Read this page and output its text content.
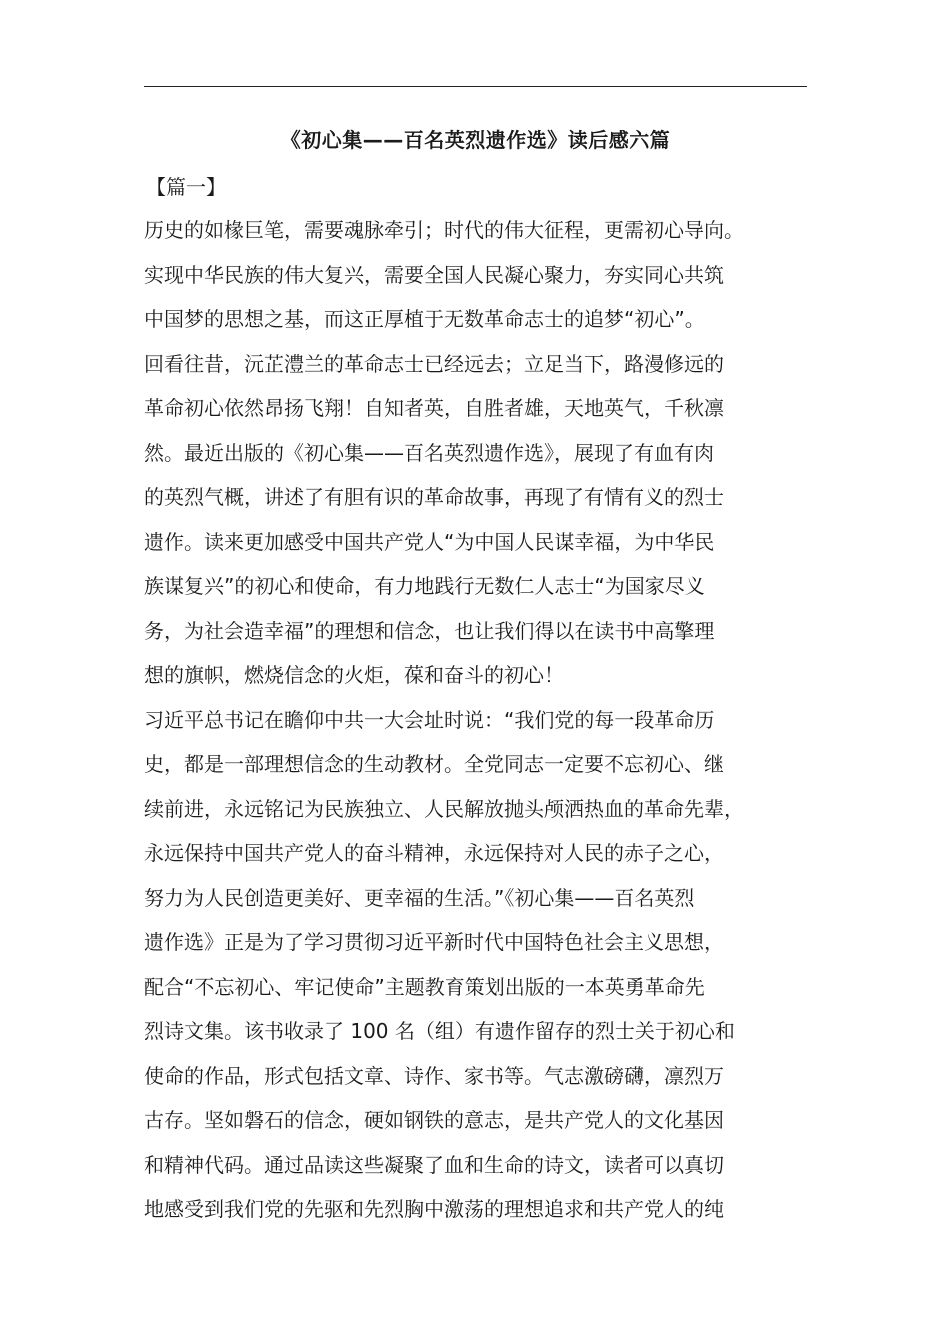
《初心集——百名英烈遗作选》读后感六篇
【篇一】
历史的如椽巨笔，需要魂脉牵引；时代的伟大征程，更需初心导向。
实现中华民族的伟大复兴，需要全国人民凝心聚力，夯实同心共筑
中国梦的思想之基，而这正厚植于无数革命志士的追梦“初心”。
回看往昔，沅芷澧兰的革命志士已经远去；立足当下，路漫修远的
革命初心依然昂扬飞翔！自知者英，自胜者雄，天地英气，千秋凛
然。最近出版的《初心集——百名英烈遗作选》，展现了有血有肉
的英烈气概，讲述了有胆有识的革命故事，再现了有情有义的烈士
遗作。读来更加感受中国共产党人“为中国人民谋幸福，为中华民
族谋复兴”的初心和使命，有力地践行无数仁人志士“为国家尽义
务，为社会造幸福”的理想和信念，也让我们得以在读书中高擎理
想的旗帜，燃烧信念的火炬，葆和奋斗的初心！
习近平总书记在瞻仰中共一大会址时说：“我们党的每一段革命历
史，都是一部理想信念的生动教材。全党同志一定要不忘初心、继
续前进，永远铭记为民族独立、人民解放抛头颅洒热血的革命先辈，
永远保持中国共产党人的奋斗精神，永远保持对人民的赤子之心，
努力为人民创造更美好、更幸福的生活。”《初心集——百名英烈
遗作选》正是为了学习贯彻习近平新时代中国特色社会主义思想，
配合“不忘初心、牢记使命”主题教育策划出版的一本英勇革命先
烈诗文集。该书收录了 100 名（组）有遗作留存的烈士关于初心和
使命的作品，形式包括文章、诗作、家书等。气志激磅礴，凛烈万
古存。坚如磐石的信念，硬如钢铁的意志，是共产党人的文化基因
和精神代码。通过品读这些凝聚了血和生命的诗文，读者可以真切
地感受到我们党的先驱和先烈胸中激荡的理想追求和共产党人的纯
